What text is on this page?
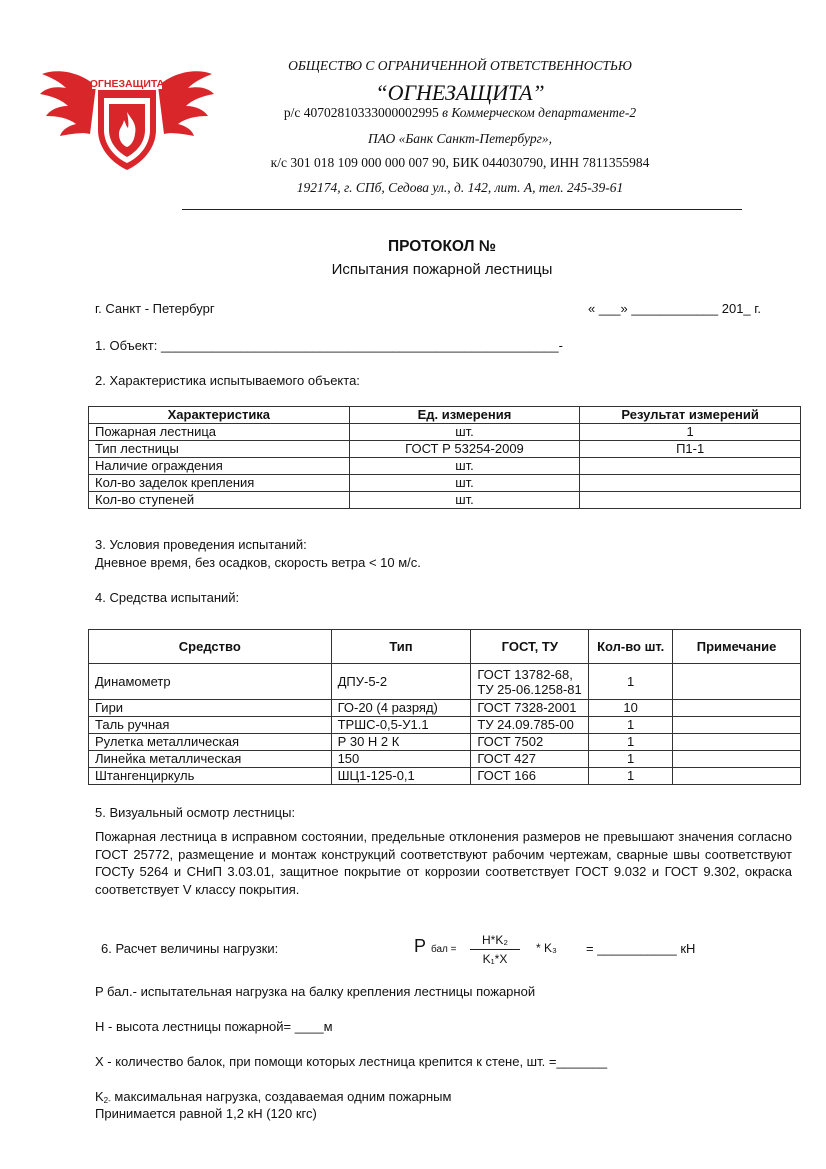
ОГНЕЗАЩИТА
ОБЩЕСТВО С ОГРАНИЧЕННОЙ ОТВЕТСТВЕННОСТЬЮ
“ОГНЕЗАЩИТА”
р/с 40702810333000002995 в Коммерческом департаменте-2
ПАО «Банк Санкт-Петербург»,
к/с 301 018 109 000 000 007 90, БИК 044030790, ИНН 7811355984
192174, г. СПб, Седова ул., д. 142, лит. А, тел. 245-39-61
ПРОТОКОЛ №
Испытания пожарной лестницы
г. Санкт - Петербург	« ___» ____________ 201_ г.
1. Объект: _______________________________________________________-
2. Характеристика испытываемого объекта:
Характеристика	Ед. измерения	Результат измерений
Пожарная лестница	шт.	1
Тип лестницы	ГОСТ Р 53254-2009	П1-1
Наличие ограждения	шт.	
Кол-во заделок крепления	шт.	
Кол-во ступеней	шт.	
3. Условия проведения испытаний:
Дневное время, без осадков, скорость ветра < 10 м/с.
4. Средства испытаний:
Средство	Тип	ГОСТ, ТУ	Кол-во шт.	Примечание
Динамометр	ДПУ-5-2	ГОСТ 13782-68, ТУ 25-06.1258-81	1	
Гири	ГО-20 (4 разряд)	ГОСТ 7328-2001	10	
Таль ручная	ТРШС-0,5-У1.1	ТУ 24.09.785-00	1	
Рулетка металлическая	Р 30 Н 2 К	ГОСТ 7502	1	
Линейка металлическая	150	ГОСТ 427	1	
Штангенциркуль	ШЦ1-125-0,1	ГОСТ 166	1	
5. Визуальный осмотр лестницы:
Пожарная лестница в исправном состоянии, предельные отклонения размеров не превышают значения согласно ГОСТ 25772, размещение и монтаж конструкций соответствуют рабочим чертежам, сварные швы соответствуют ГОСТу 5264 и СНиП 3.03.01, защитное покрытие от коррозии соответствует ГОСТ 9.032 и ГОСТ 9.302, окраска соответствует V классу покрытия.
6. Расчет величины нагрузки:	P бал =
H*K₂
K₁*X
* K₃ = ___________ кН
P бал.- испытательная нагрузка на балку крепления лестницы пожарной
H - высота лестницы пожарной= ____м
X - количество балок, при помощи которых лестница крепится к стене, шт. =_______
$K_{2-}$ максимальная нагрузка, создаваемая одним пожарным
Принимается равной 1,2 кН (120 кгс)
